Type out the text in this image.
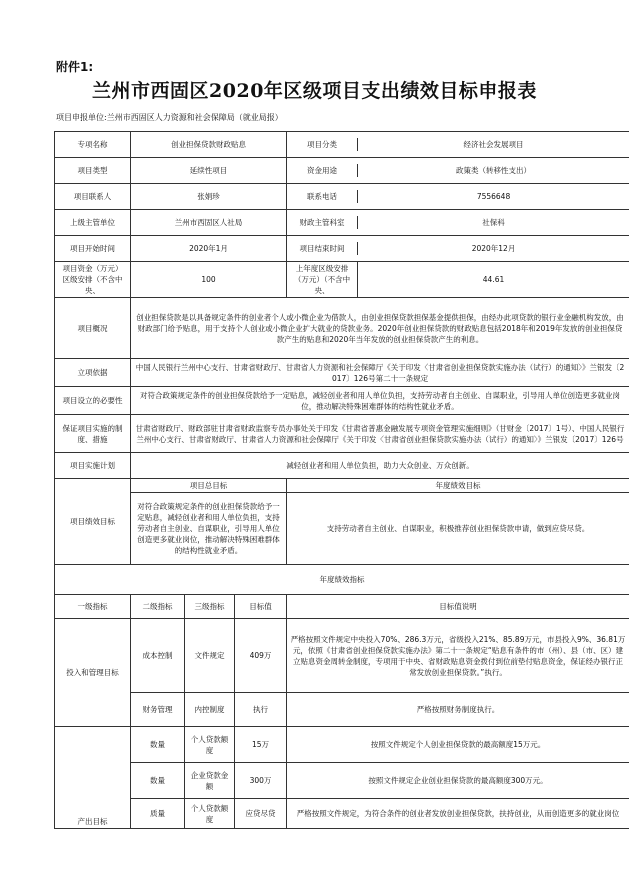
附件1:
兰州市西固区2020年区级项目支出绩效目标申报表
项目申报单位:兰州市西固区人力资源和社会保障局（就业局报）
专项名称	创业担保贷款财政贴息		项目分类	经济社会发展项目

项目类型	延续性项目		资金用途	政策类（转移性支出）

项目联系人	张娟珍		联系电话	7556648

上级主管单位	兰州市西固区人社局		财政主管科室	社保科

项目开始时间	2020年1月		项目结束时间	2020年12月

项目资金（万元） 区级安排（不含中央、	100	
上年度区级安排（万元）（不含中央、	44.61

项目概况	创业担保贷款是以具备规定条件的创业者个人或小微企业为借款人，由创业担保贷款担保基金提供担保，由经办此项贷款的银行业金融机构发放，由财政部门给予贴息，用于支持个人创业或小微企业扩大就业的贷款业务。2020年创业担保贷款的财政贴息包括2018年和2019年发放的创业担保贷款产生的贴息和2020年当年发放的创业担保贷款产生的利息。
立项依据	中国人民银行兰州中心支行、甘肃省财政厅、甘肃省人力资源和社会保障厅《关于印发〈甘肃省创业担保贷款实施办法（试行）的通知〉》兰银发〔2017〕126号第二十一条规定
项目设立的必要性	对符合政策规定条件的创业担保贷款给予一定贴息，减轻创业者和用人单位负担，支持劳动者自主创业、自谋职业，引导用人单位创造更多就业岗位，推动解决特殊困难群体的结构性就业矛盾。
保证项目实施的制度、措施	甘肃省财政厅、财政部驻甘肃省财政监察专员办事处关于印发《甘肃省普惠金融发展专项资金管理实施细则》（甘财金〔2017〕1号）、中国人民银行兰州中心支行、甘肃省财政厅、甘肃省人力资源和社会保障厅《关于印发〈甘肃省创业担保贷款实施办法（试行）的通知〉》兰银发〔2017〕126号
项目实施计划	减轻创业者和用人单位负担，助力大众创业、万众创新。
项目绩效目标	项目总目标	年度绩效目标
对符合政策规定条件的创业担保贷款给予一定贴息，减轻创业者和用人单位负担，支持劳动者自主创业、自谋职业，引导用人单位创造更多就业岗位，推动解决特殊困难群体的结构性就业矛盾。	支持劳动者自主创业、自谋职业，积极推荐创业担保贷款申请，做到应贷尽贷。
年度绩效指标
一级指标	二级指标	三级指标	目标值	目标值说明
投入和管理目标	成本控制	文件规定	409万	严格按照文件规定中央投入70%、286.3万元，省级投入21%、85.89万元，市县投入9%、36.81万元，依照《甘肃省创业担保贷款实施办法》第二十一条规定“贴息有条件的市（州）、县（市、区）建立贴息资金周转金制度，专项用于中央、省财政贴息资金拨付到位前垫付贴息资金，保证经办银行正常发放创业担保贷款。”执行。
财务管理	内控制度	执行	严格按照财务制度执行。
产出目标	数量	个人贷款额度	15万	按照文件规定个人创业担保贷款的最高额度15万元。
数量	企业贷款金额	300万	按照文件规定企业创业担保贷款的最高额度300万元。
质量	个人贷款额度	应贷尽贷	严格按照文件规定，为符合条件的创业者发放创业担保贷款，扶持创业，从而创造更多的就业岗位
